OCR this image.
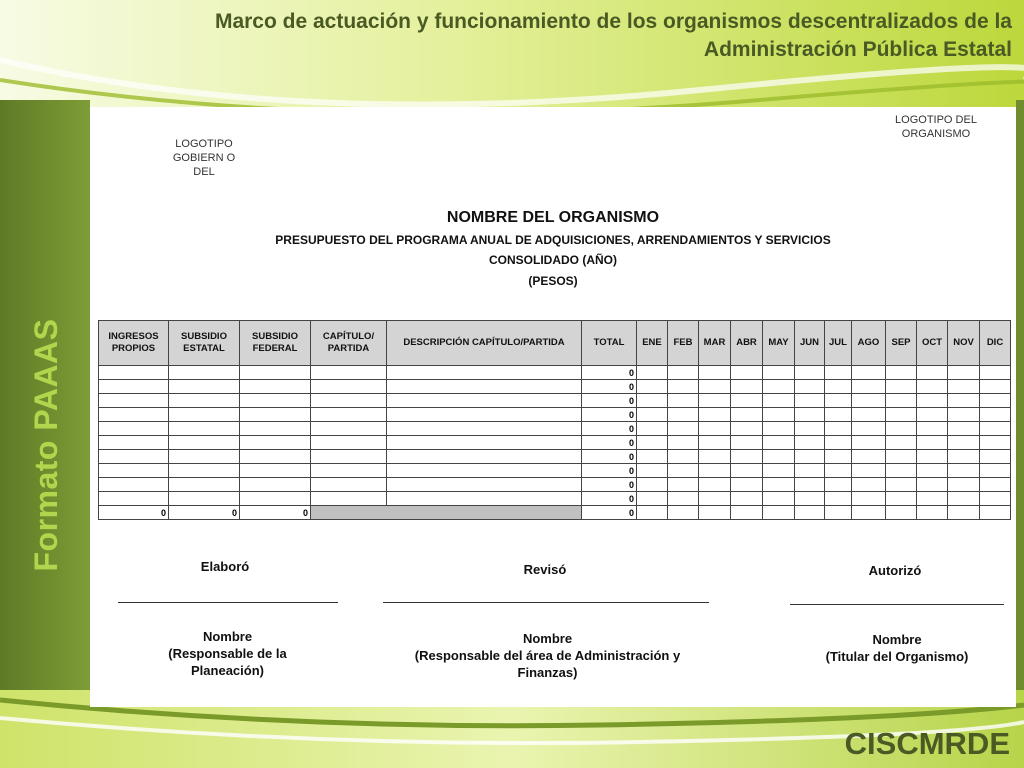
Marco de actuación y funcionamiento de los organismos descentralizados de la
Administración Pública Estatal
Formato PAAAS
LOGOTIPO GOBIERN O DEL
LOGOTIPO DEL ORGANISMO
NOMBRE DEL ORGANISMO
PRESUPUESTO DEL PROGRAMA ANUAL DE ADQUISICIONES, ARRENDAMIENTOS Y SERVICIOS
CONSOLIDADO (AÑO)
(PESOS)
INGRESOS PROPIOS	SUBSIDIO ESTATAL	SUBSIDIO FEDERAL	CAPÍTULO/ PARTIDA	DESCRIPCIÓN CAPÍTULO/PARTIDA	TOTAL	ENE	FEB	MAR	ABR	MAY	JUN	JUL	AGO	SEP	OCT	NOV	DIC
					0												
					0												
					0												
					0												
					0												
					0												
					0												
					0												
					0												
					0												
0	0	0			0												
Elaboró
Nombre
(Responsable de la Planeación)
Revisó
Nombre
(Responsable del área de Administración y Finanzas)
Autorizó
Nombre
(Titular del Organismo)
CISCMRDE
